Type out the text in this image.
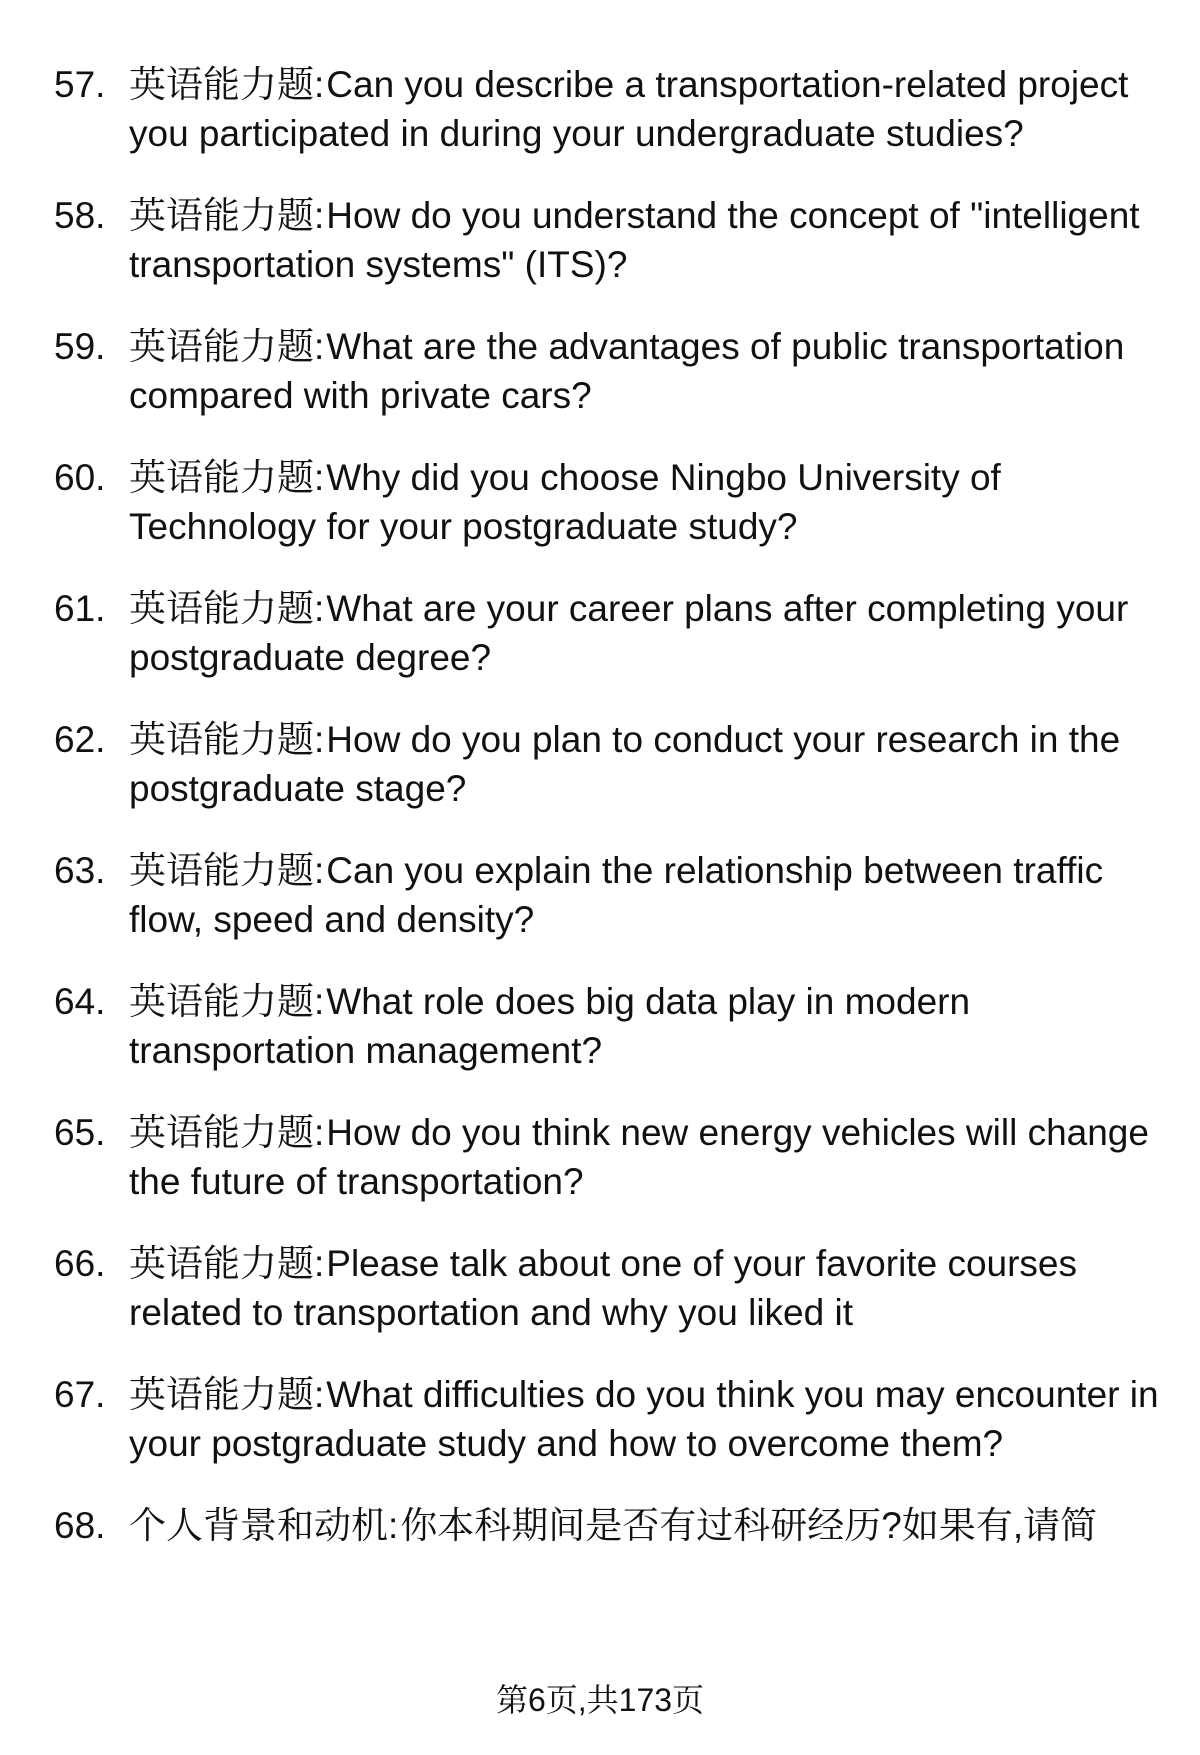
57. 英语能力题:Can you describe a transportation-related project you participated in during your undergraduate studies?
58. 英语能力题:How do you understand the concept of "intelligent transportation systems" (ITS)?
59. 英语能力题:What are the advantages of public transportation compared with private cars?
60. 英语能力题:Why did you choose Ningbo University of Technology for your postgraduate study?
61. 英语能力题:What are your career plans after completing your postgraduate degree?
62. 英语能力题:How do you plan to conduct your research in the postgraduate stage?
63. 英语能力题:Can you explain the relationship between traffic flow, speed and density?
64. 英语能力题:What role does big data play in modern transportation management?
65. 英语能力题:How do you think new energy vehicles will change the future of transportation?
66. 英语能力题:Please talk about one of your favorite courses related to transportation and why you liked it
67. 英语能力题:What difficulties do you think you may encounter in your postgraduate study and how to overcome them?
68. 个人背景和动机:你本科期间是否有过科研经历?如果有,请简
第6页,共173页
